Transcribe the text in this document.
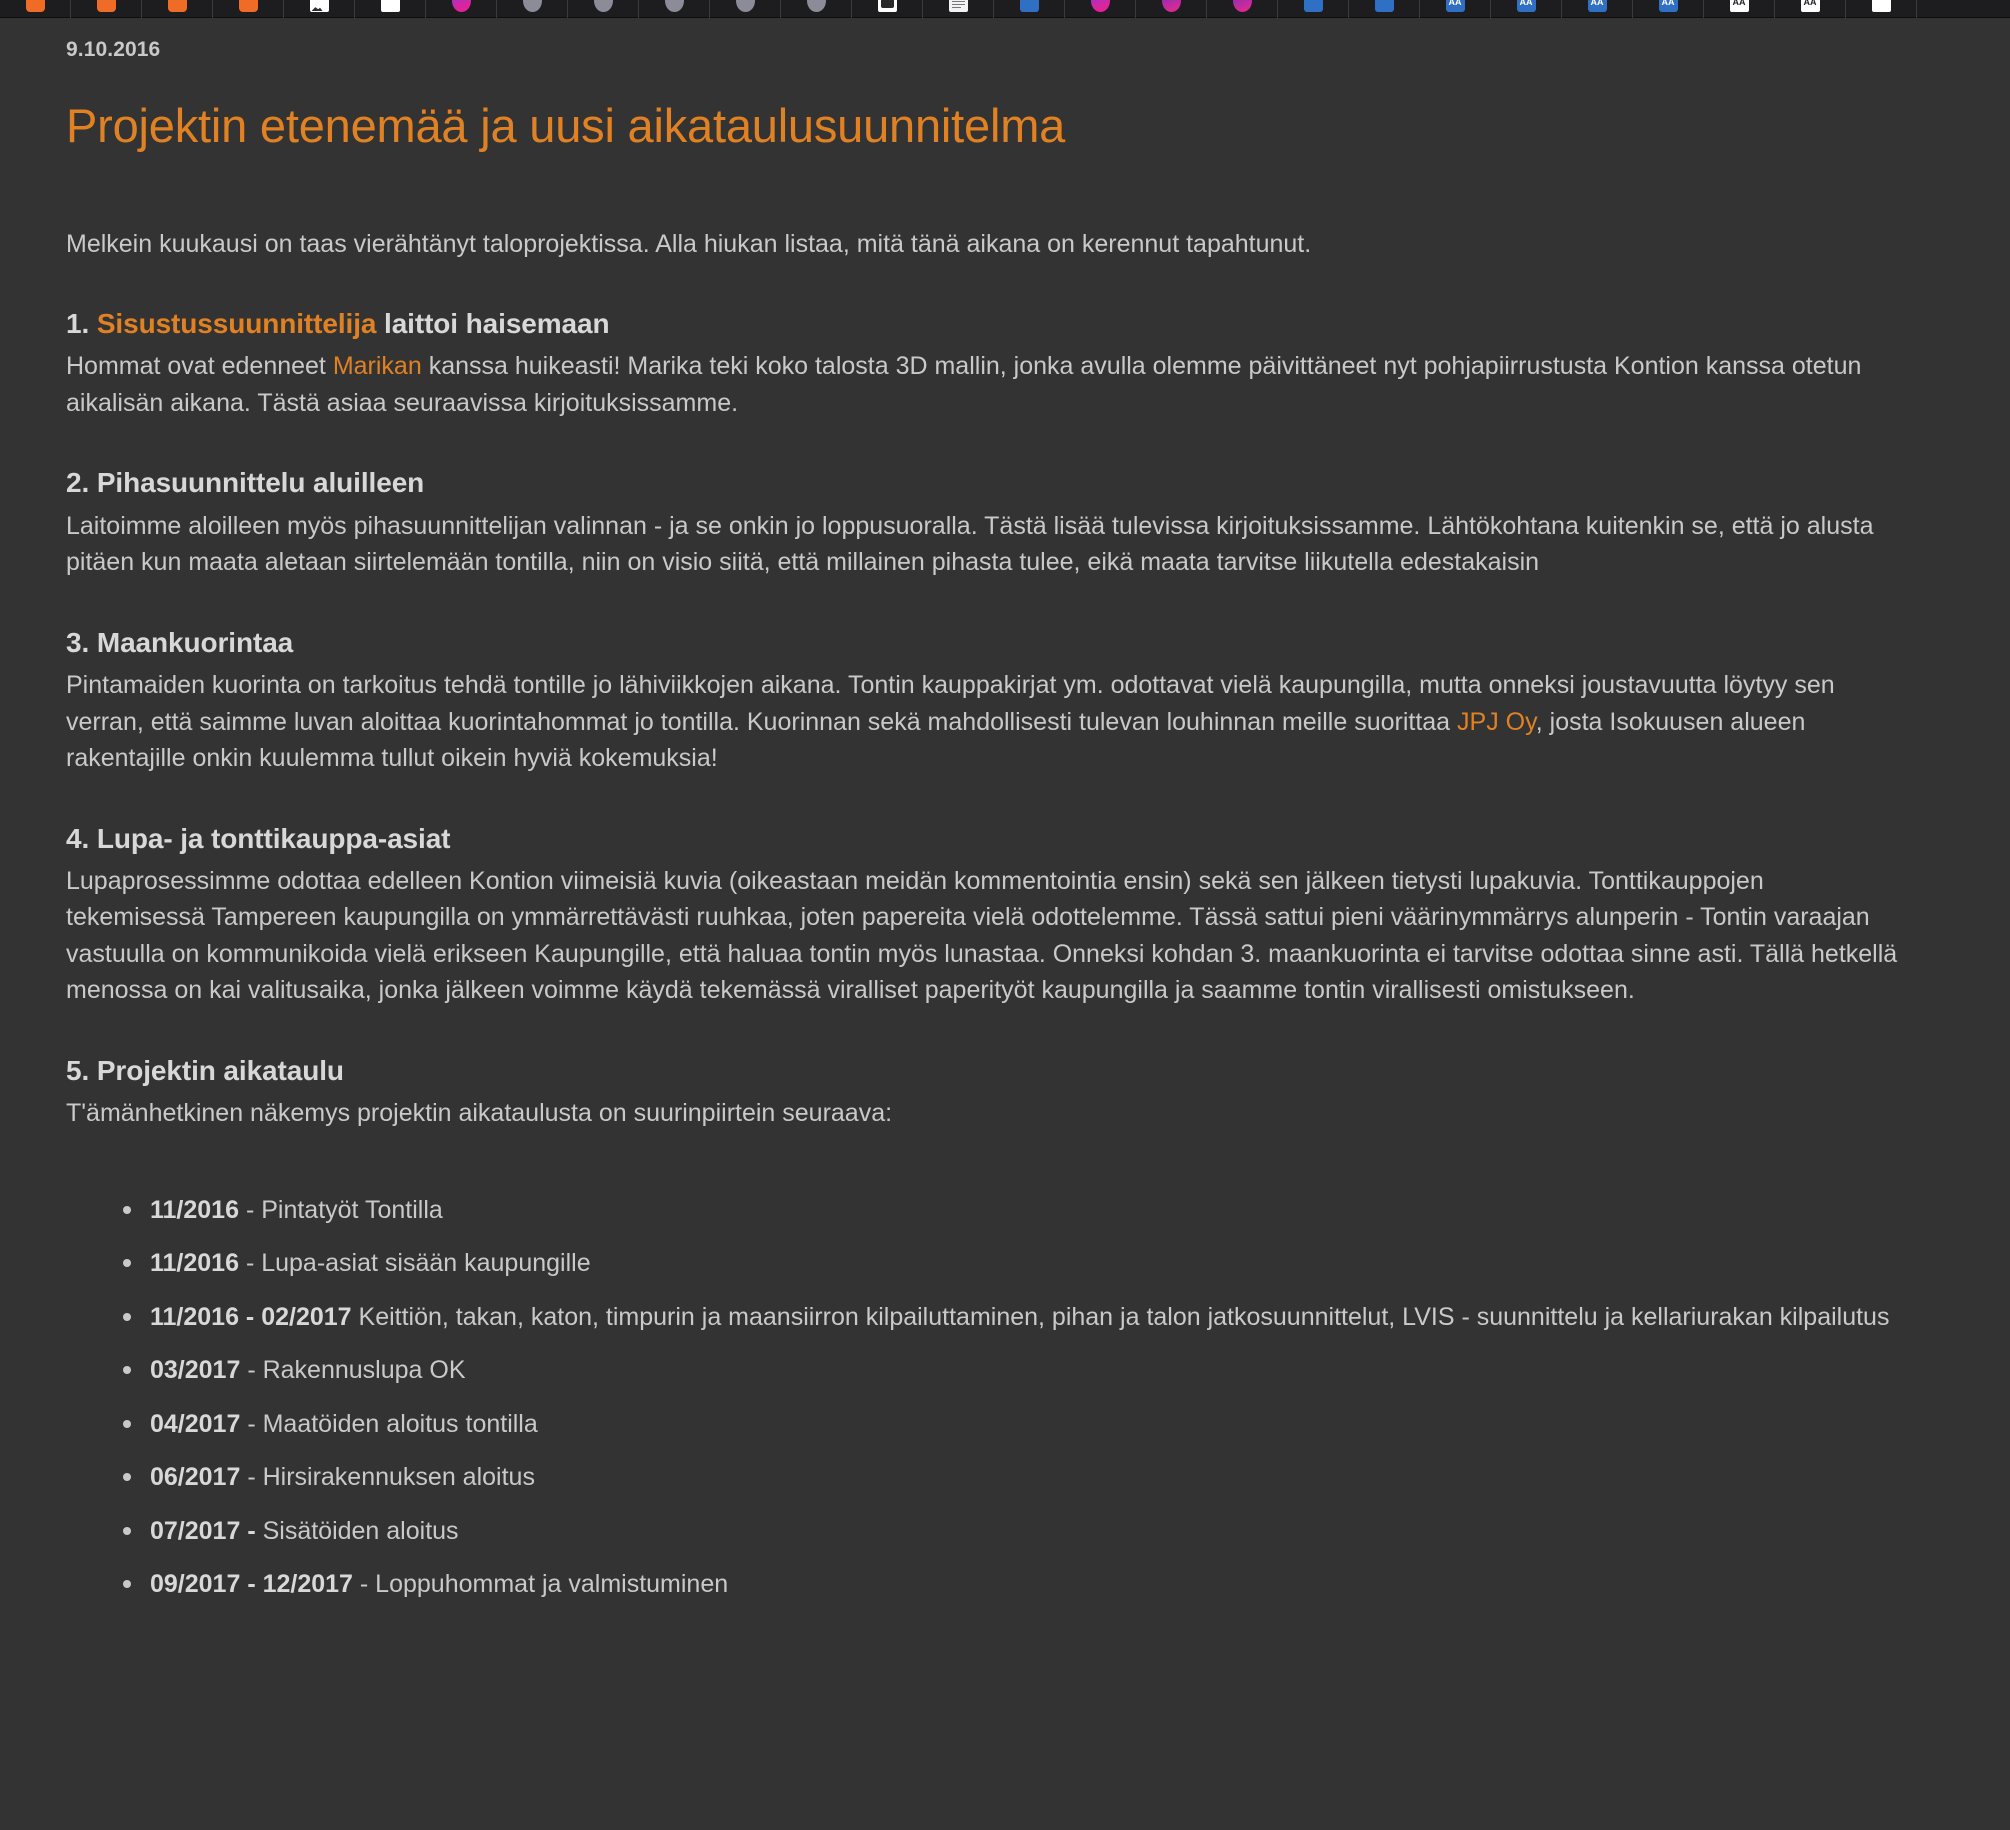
AA	AA	AA	AA	AA	AA
9.10.2016
Projektin etenemää ja uusi aikataulusuunnitelma

Melkein kuukausi on taas vierähtänyt taloprojektissa. Alla hiukan listaa, mitä tänä aikana on kerennut tapahtunut.

1. Sisustussuunnittelija laittoi haisemaan

Hommat ovat edenneet Marikan kanssa huikeasti! Marika teki koko talosta 3D mallin, jonka avulla olemme päivittäneet nyt pohjapiirrustusta Kontion kanssa otetun aikalisän aikana. Tästä asiaa seuraavissa kirjoituksissamme.

2. Pihasuunnittelu aluilleen

Laitoimme aloilleen myös pihasuunnittelijan valinnan - ja se onkin jo loppusuoralla. Tästä lisää tulevissa kirjoituksissamme. Lähtökohtana kuitenkin se, että jo alusta pitäen kun maata aletaan siirtelemään tontilla, niin on visio siitä, että millainen pihasta tulee, eikä maata tarvitse liikutella edestakaisin

3. Maankuorintaa

Pintamaiden kuorinta on tarkoitus tehdä tontille jo lähiviikkojen aikana. Tontin kauppakirjat ym. odottavat vielä kaupungilla, mutta onneksi joustavuutta löytyy sen verran, että saimme luvan aloittaa kuorintahommat jo tontilla. Kuorinnan sekä mahdollisesti tulevan louhinnan meille suorittaa JPJ Oy, josta Isokuusen alueen rakentajille onkin kuulemma tullut oikein hyviä kokemuksia!

4. Lupa- ja tonttikauppa-asiat

Lupaprosessimme odottaa edelleen Kontion viimeisiä kuvia (oikeastaan meidän kommentointia ensin) sekä sen jälkeen tietysti lupakuvia. Tonttikauppojen tekemisessä Tampereen kaupungilla on ymmärrettävästi ruuhkaa, joten papereita vielä odottelemme. Tässä sattui pieni väärinymmärrys alunperin - Tontin varaajan vastuulla on kommunikoida vielä erikseen Kaupungille, että haluaa tontin myös lunastaa. Onneksi kohdan 3. maankuorinta ei tarvitse odottaa sinne asti. Tällä hetkellä menossa on kai valitusaika, jonka jälkeen voimme käydä tekemässä viralliset paperityöt kaupungilla ja saamme tontin virallisesti omistukseen.

5. Projektin aikataulu

T'ämänhetkinen näkemys projektin aikataulusta on suurinpiirtein seuraava:

11/2016 - Pintatyöt Tontilla
11/2016 - Lupa-asiat sisään kaupungille
11/2016 - 02/2017 Keittiön, takan, katon, timpurin ja maansiirron kilpailuttaminen, pihan ja talon jatkosuunnittelut, LVIS - suunnittelu ja kellariurakan kilpailutus
03/2017 - Rakennuslupa OK
04/2017 - Maatöiden aloitus tontilla
06/2017 - Hirsirakennuksen aloitus
07/2017 - Sisätöiden aloitus
09/2017 - 12/2017 - Loppuhommat ja valmistuminen
